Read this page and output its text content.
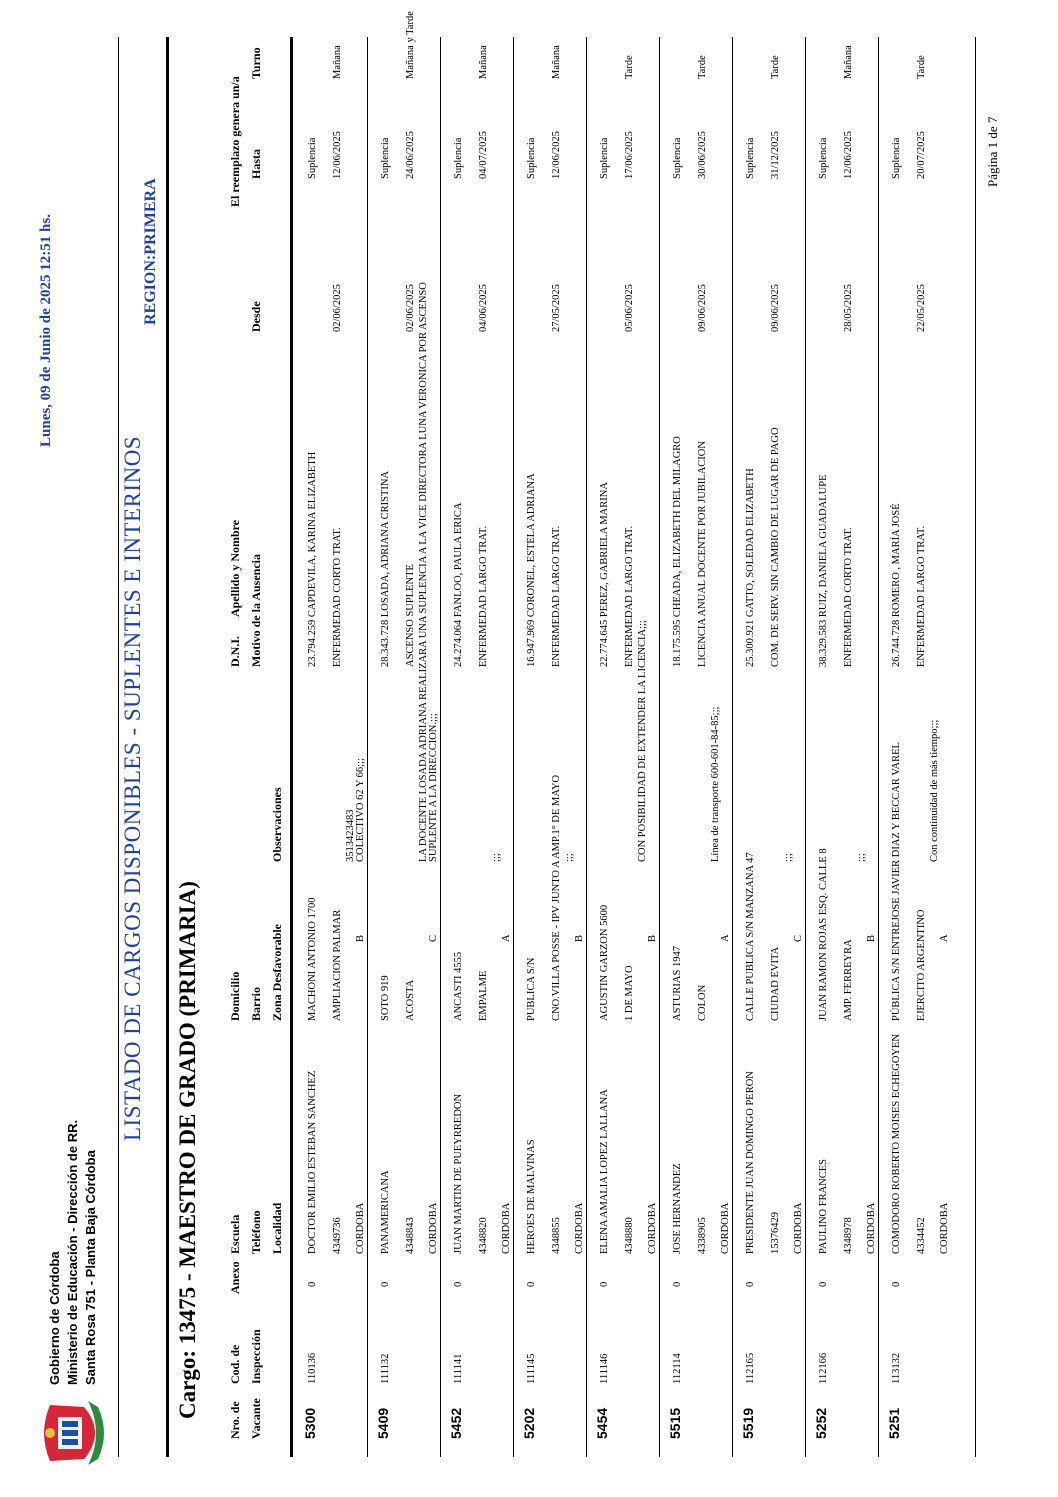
Gobierno de Córdoba Ministerio de Educación - Dirección de RR. Santa Rosa 751 - Planta Baja Córdoba
LISTADO DE CARGOS DISPONIBLES - SUPLENTES E INTERINOS
REGION:PRIMERA
Lunes, 09 de Junio de 2025 12:51 hs.
Cargo: 13475 - MAESTRO DE GRADO (PRIMARIA)
Nro. de Vacante
Cod. de Inspección
Anexo
Escuela Teléfono Localidad
Domicilio Barrio Zona Desfavorable
Observaciones
D.N.I.
Apellido y Nombre Motivo de la Ausencia
Desde
El reemplazo genera un/a Hasta
Turno
5300
110136
0
DOCTOR EMILIO ESTEBAN SANCHEZ 4349736 CORDOBA
MACHONI ANTONIO 1700 AMPLIACION PALMAR B
3513423483 COLECTIVO 62 Y 66;;;
23.794.259 CAPDEVILA, KARINA ELIZABETH ENFERMEDAD CORTO TRAT.
02/06/2025
Suplencia 12/06/2025
Mañana
5409
111132
0
PANAMERICANA 4348843 CORDOBA
SOTO 919 ACOSTA
C
LA DOCENTE LOSADA ADRIANA REALIZARA UNA SUPLENCIA A LA VICE DIRECTORA LUNA VERONICA POR ASCENSO SUPLENTE A LA DIRECCION.;;;
28.343.728 LOSADA, ADRIANA CRISTINA ASCENSO SUPLENTE
02/06/2025
Suplencia 24/06/2025
Mañana y Tarde
5452
111141
0
JUAN MARTIN DE PUEYRREDON 4348820 CORDOBA
ANCASTI 4555 EMPALME
A
;;;
24.274.064 FANLOO, PAULA ERICA ENFERMEDAD LARGO TRAT.
04/06/2025
Suplencia 04/07/2025
Mañana
5202
111145
0
HEROES DE MALVINAS 4348855 CORDOBA
PUBLICA S/N CNO.VILLA POSSE - IPV JUNTO A AMP.1° DE MAYO B
;;;
16.947.969 CORONEL, ESTELA ADRIANA ENFERMEDAD LARGO TRAT.
27/05/2025
Suplencia 12/06/2025
Mañana
5454
111146
0
ELENA AMALIA LOPEZ LALLANA 4348880 CORDOBA
AGUSTIN GARZON 5600 1 DE MAYO
B
CON POSIBILIDAD DE EXTENDER LA LICENCIA;;;
22.774.645 PEREZ, GABRIELA MARINA ENFERMEDAD LARGO TRAT.
05/06/2025
Suplencia 17/06/2025
Tarde
5515
112114
0
JOSE HERNANDEZ 4338905 CORDOBA
ASTURIAS 1947 COLON
A
Línea de transporte 600-601-84-85;;;
18.175.595 CHEADA, ELIZABETH DEL MILAGRO LICENCIA ANUAL DOCENTE POR JUBILACION
09/06/2025
Suplencia 30/06/2025
Tarde
5519
112165
0
PRESIDENTE JUAN DOMINGO PERON 15376429 CORDOBA
CALLE PUBLICA S/N MANZANA 47 CIUDAD EVITA
C
;;;
25.300.921 GATTO, SOLEDAD ELIZABETH COM. DE SERV. SIN CAMBIO DE LUGAR DE PAGO
09/06/2025
Suplencia 31/12/2025
Tarde
5252
112166
0
PAULINO FRANCES 4348978 CORDOBA
JUAN RAMON ROJAS ESQ. CALLE 8 AMP. FERREYRA
B
;;;
38.329.583 RUIZ, DANIELA GUADALUPE ENFERMEDAD CORTO TRAT.
28/05/2025
Suplencia 12/06/2025
Mañana
5251
113132
0
COMODORO ROBERTO MOISES ECHEGOYEN 4334452 CORDOBA
PÚBLICA S/N ENTREJOSE JAVIER DIAZ Y BECCAR VAREL EJERCITO ARGENTINO A
Con continuidad de más tiempo;;;
26.744.728 ROMERO , MARÍA JOSÉ ENFERMEDAD LARGO TRAT.
22/05/2025
Suplencia 20/07/2025
Tarde
Página 1 de 7
